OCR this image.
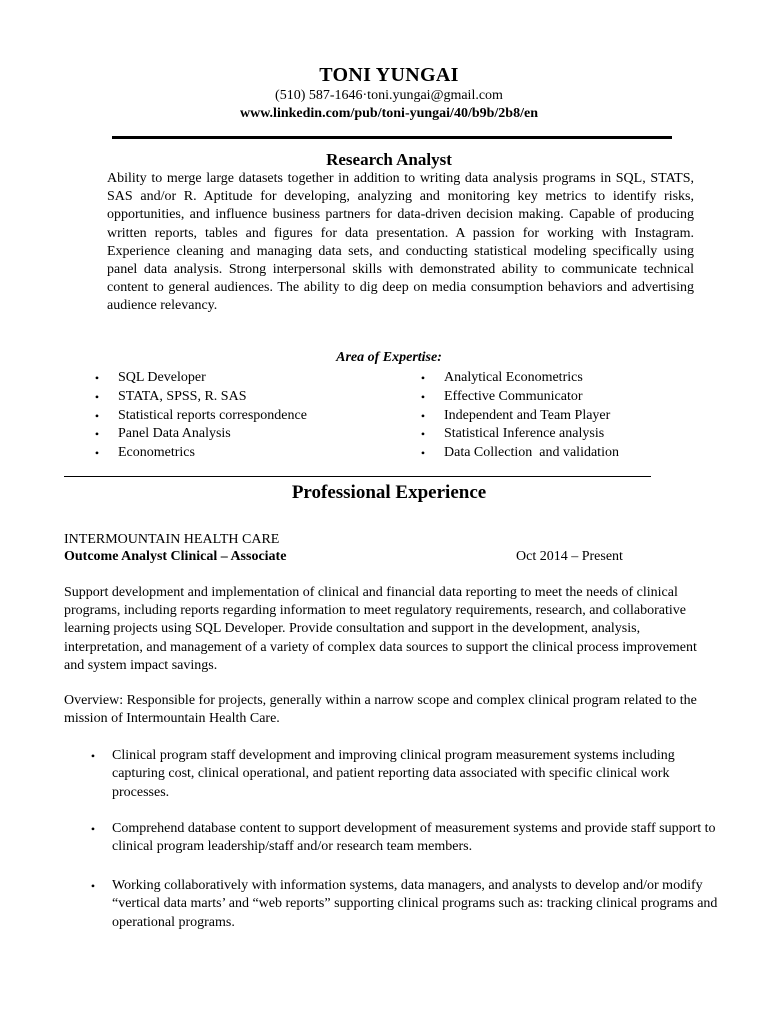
TONI YUNGAI
(510) 587-1646·toni.yungai@gmail.com
www.linkedin.com/pub/toni-yungai/40/b9b/2b8/en
Research Analyst
Ability to merge large datasets together in addition to writing data analysis programs in SQL, STATS, SAS and/or R. Aptitude for developing, analyzing and monitoring key metrics to identify risks, opportunities, and influence business partners for data-driven decision making. Capable of producing written reports, tables and figures for data presentation. A passion for working with Instagram. Experience cleaning and managing data sets, and conducting statistical modeling specifically using panel data analysis. Strong interpersonal skills with demonstrated ability to communicate technical content to general audiences. The ability to dig deep on media consumption behaviors and advertising audience relevancy.
Area of Expertise:
• SQL Developer
• STATA, SPSS, R. SAS
• Statistical reports correspondence
• Panel Data Analysis
• Econometrics
• Analytical Econometrics
• Effective Communicator
• Independent and Team Player
• Statistical Inference analysis
• Data Collection  and validation
Professional Experience
INTERMOUNTAIN HEALTH CARE
Outcome Analyst Clinical – Associate	Oct 2014 – Present
Support development and implementation of clinical and financial data reporting to meet the needs of clinical programs, including reports regarding information to meet regulatory requirements, research, and collaborative learning projects using SQL Developer. Provide consultation and support in the development, analysis, interpretation, and management of a variety of complex data sources to support the clinical process improvement and system impact savings.
Overview: Responsible for projects, generally within a narrow scope and complex clinical program related to the mission of Intermountain Health Care.
•	Clinical program staff development and improving clinical program measurement systems including capturing cost, clinical operational, and patient reporting data associated with specific clinical work processes.
•	Comprehend database content to support development of measurement systems and provide staff support to clinical program leadership/staff and/or research team members.
•	Working collaboratively with information systems, data managers, and analysts to develop and/or modify “vertical data marts’ and “web reports” supporting clinical programs such as: tracking clinical programs and operational programs.
